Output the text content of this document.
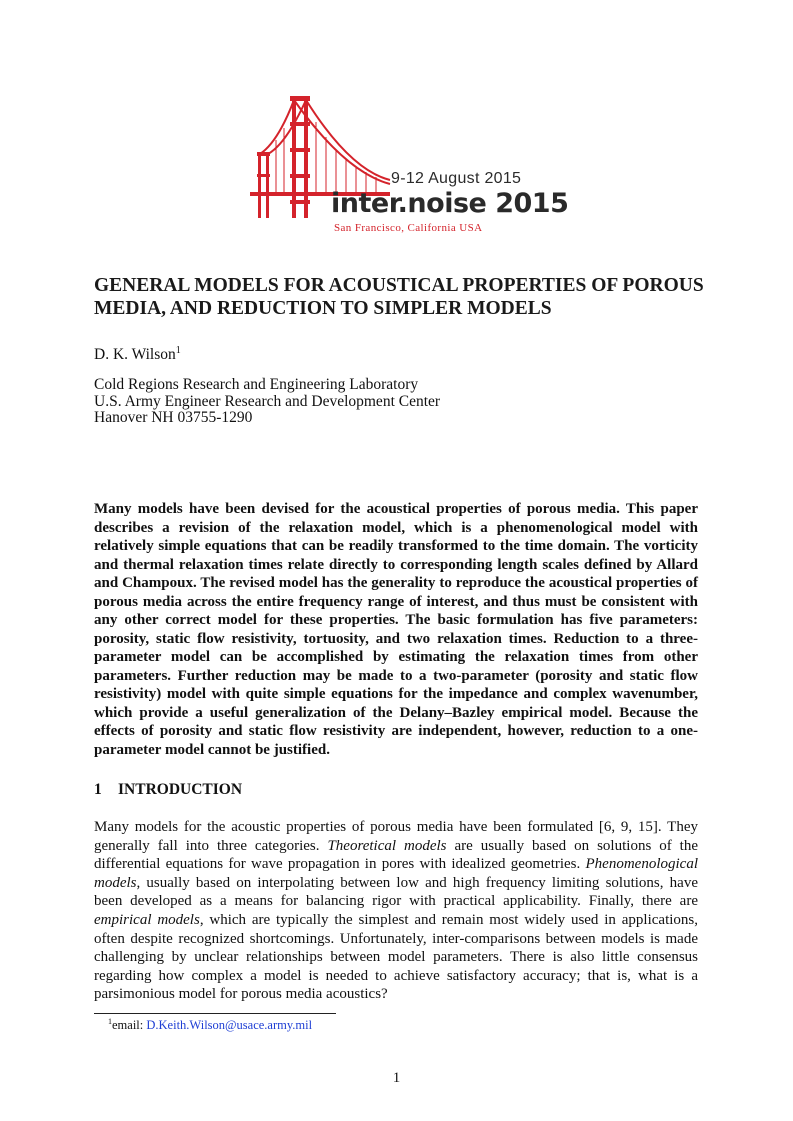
9-12 August 2015
inter.noise 2015
San Francisco, California USA
GENERAL MODELS FOR ACOUSTICAL PROPERTIES OF POROUS MEDIA, AND REDUCTION TO SIMPLER MODELS

D. K. Wilson$^1$

Cold Regions Research and Engineering Laboratory
U.S. Army Engineer Research and Development Center
Hanover NH 03755-1290

Many models have been devised for the acoustical properties of porous media. This paper describes a revision of the relaxation model, which is a phenomenological model with relatively simple equations that can be readily transformed to the time domain. The vorticity and thermal relaxation times relate directly to corresponding length scales defined by Allard and Champoux. The revised model has the generality to reproduce the acoustical properties of porous media across the entire frequency range of interest, and thus must be consistent with any other correct model for these properties. The basic formulation has five parameters: porosity, static flow resistivity, tortuosity, and two relaxation times. Reduction to a three-parameter model can be accomplished by estimating the relaxation times from other parameters. Further reduction may be made to a two-parameter (porosity and static flow resistivity) model with quite simple equations for the impedance and complex wavenumber, which provide a useful generalization of the Delany–Bazley empirical model. Because the effects of porosity and static flow resistivity are independent, however, reduction to a one-parameter model cannot be justified.

1 INTRODUCTION

Many models for the acoustic properties of porous media have been formulated [6, 9, 15]. They generally fall into three categories. Theoretical models are usually based on solutions of the differential equations for wave propagation in pores with idealized geometries. Phenomenological models, usually based on interpolating between low and high frequency limiting solutions, have been developed as a means for balancing rigor with practical applicability. Finally, there are empirical models, which are typically the simplest and remain most widely used in applications, often despite recognized shortcomings. Unfortunately, inter-comparisons between models is made challenging by unclear relationships between model parameters. There is also little consensus regarding how complex a model is needed to achieve satisfactory accuracy; that is, what is a parsimonious model for porous media acoustics?

$^1$email: D.Keith.Wilson@usace.army.mil
1
